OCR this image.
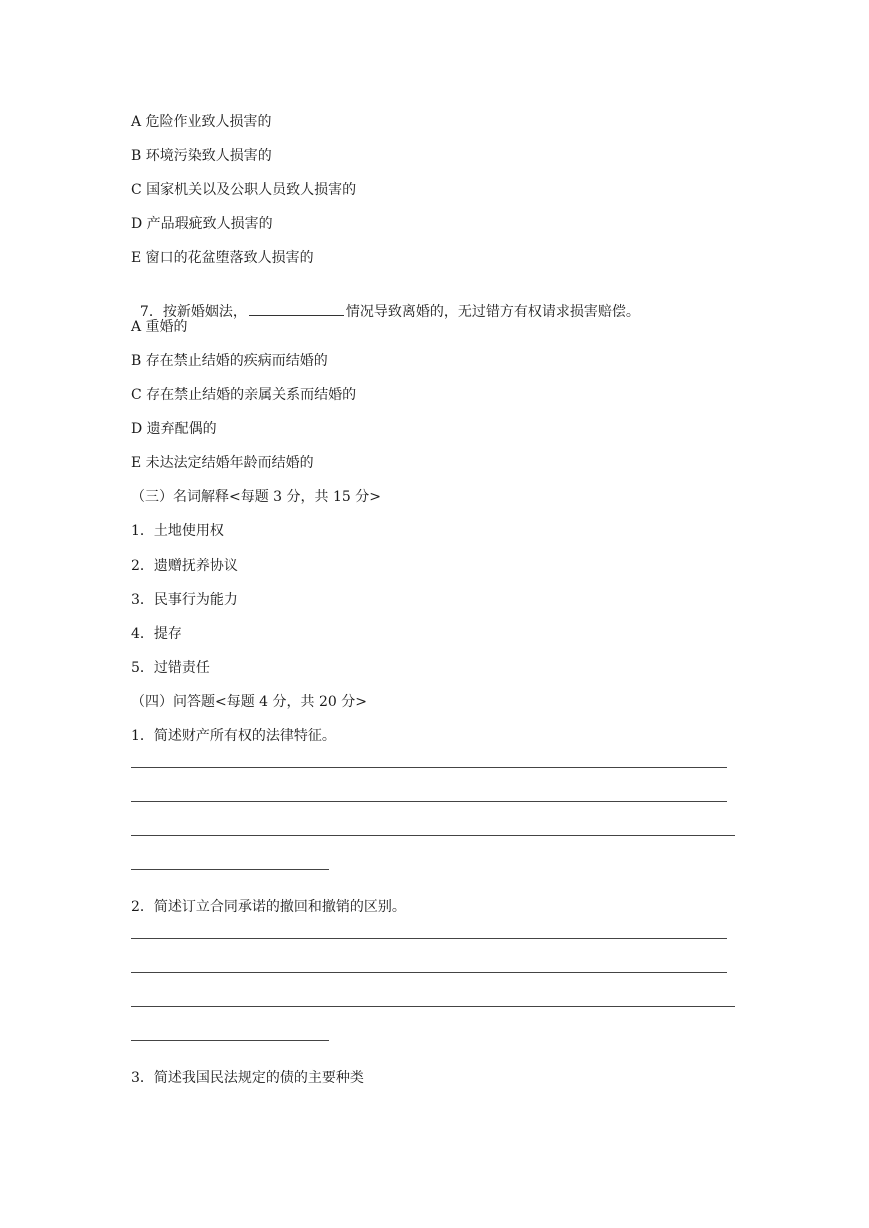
A 危险作业致人损害的
B 环境污染致人损害的
C 国家机关以及公职人员致人损害的
D 产品瑕疵致人损害的
E 窗口的花盆堕落致人损害的

7．按新婚姻法，	情况导致离婚的，无过错方有权请求损害赔偿。

A 重婚的
B 存在禁止结婚的疾病而结婚的
C 存在禁止结婚的亲属关系而结婚的
D 遗弃配偶的
E 未达法定结婚年龄而结婚的
（三）名词解释<每题 3 分，共 15 分>
1．土地使用权
2．遗赠抚养协议
3．民事行为能力
4．提存
5．过错责任
（四）问答题<每题 4 分，共 20 分>
1．简述财产所有权的法律特征。
2．简述订立合同承诺的撤回和撤销的区别。
3．简述我国民法规定的债的主要种类
